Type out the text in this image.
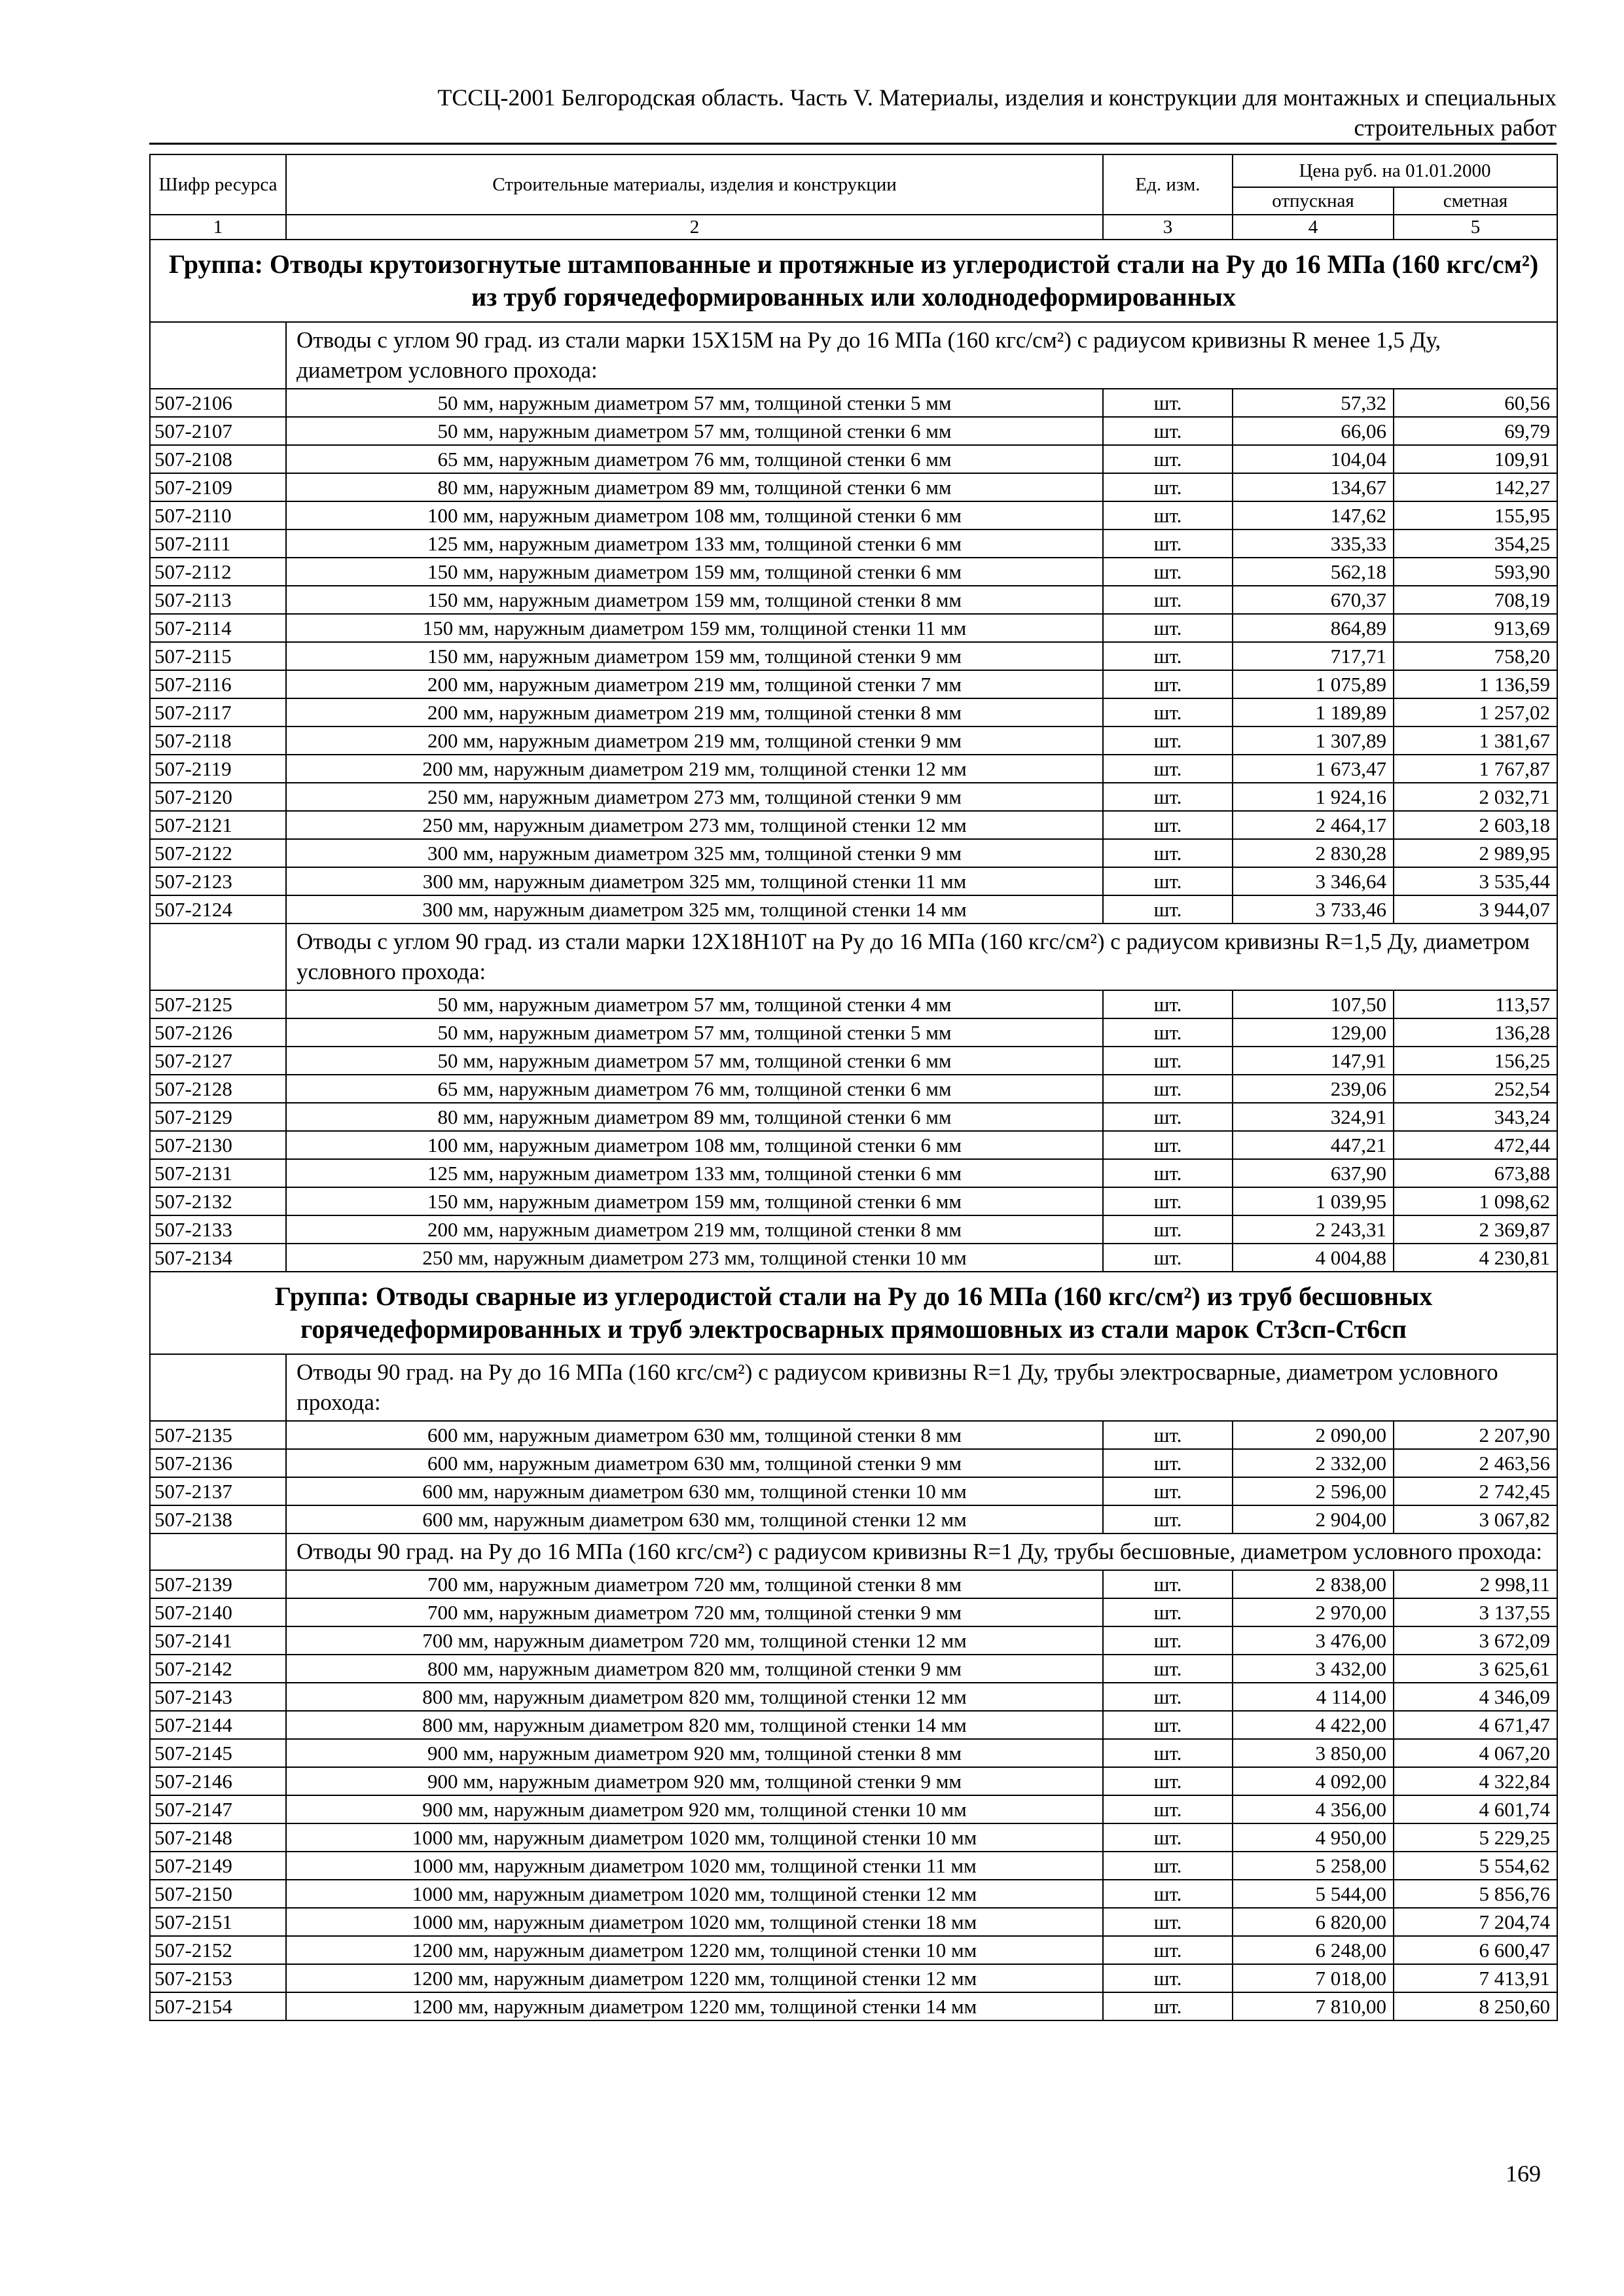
ТССЦ-2001 Белгородская область. Часть V. Материалы, изделия и конструкции для монтажных и специальных
строительных работ
Шифр ресурса	Строительные материалы, изделия и конструкции	Ед. изм.	Цена руб. на 01.01.2000	
			отпускная	сметная
1	2	3	4	5
Группа: Отводы крутоизогнутые штампованные и протяжные из углеродистой стали на Ру до 16 МПа (160 кгс/см²) из труб горячедеформированных или холоднодеформированных				
	Отводы с углом 90 град. из стали марки 15Х15М на Ру до 16 МПа (160 кгс/см²) с радиусом кривизны R менее 1,5 Ду, диаметром условного прохода:			
507-2106	50 мм, наружным диаметром 57 мм, толщиной стенки 5 мм	шт.	57,32	60,56
507-2107	50 мм, наружным диаметром 57 мм, толщиной стенки 6 мм	шт.	66,06	69,79
507-2108	65 мм, наружным диаметром 76 мм, толщиной стенки 6 мм	шт.	104,04	109,91
507-2109	80 мм, наружным диаметром 89 мм, толщиной стенки 6 мм	шт.	134,67	142,27
507-2110	100 мм, наружным диаметром 108 мм, толщиной стенки 6 мм	шт.	147,62	155,95
507-2111	125 мм, наружным диаметром 133 мм, толщиной стенки 6 мм	шт.	335,33	354,25
507-2112	150 мм, наружным диаметром 159 мм, толщиной стенки 6 мм	шт.	562,18	593,90
507-2113	150 мм, наружным диаметром 159 мм, толщиной стенки 8 мм	шт.	670,37	708,19
507-2114	150 мм, наружным диаметром 159 мм, толщиной стенки 11 мм	шт.	864,89	913,69
507-2115	150 мм, наружным диаметром 159 мм, толщиной стенки 9 мм	шт.	717,71	758,20
507-2116	200 мм, наружным диаметром 219 мм, толщиной стенки 7 мм	шт.	1 075,89	1 136,59
507-2117	200 мм, наружным диаметром 219 мм, толщиной стенки 8 мм	шт.	1 189,89	1 257,02
507-2118	200 мм, наружным диаметром 219 мм, толщиной стенки 9 мм	шт.	1 307,89	1 381,67
507-2119	200 мм, наружным диаметром 219 мм, толщиной стенки 12 мм	шт.	1 673,47	1 767,87
507-2120	250 мм, наружным диаметром 273 мм, толщиной стенки 9 мм	шт.	1 924,16	2 032,71
507-2121	250 мм, наружным диаметром 273 мм, толщиной стенки 12 мм	шт.	2 464,17	2 603,18
507-2122	300 мм, наружным диаметром 325 мм, толщиной стенки 9 мм	шт.	2 830,28	2 989,95
507-2123	300 мм, наружным диаметром 325 мм, толщиной стенки 11 мм	шт.	3 346,64	3 535,44
507-2124	300 мм, наружным диаметром 325 мм, толщиной стенки 14 мм	шт.	3 733,46	3 944,07
	Отводы с углом 90 град. из стали марки 12Х18Н10Т на Ру до 16 МПа (160 кгс/см²) с радиусом кривизны R=1,5 Ду, диаметром условного прохода:			
507-2125	50 мм, наружным диаметром 57 мм, толщиной стенки 4 мм	шт.	107,50	113,57
507-2126	50 мм, наружным диаметром 57 мм, толщиной стенки 5 мм	шт.	129,00	136,28
507-2127	50 мм, наружным диаметром 57 мм, толщиной стенки 6 мм	шт.	147,91	156,25
507-2128	65 мм, наружным диаметром 76 мм, толщиной стенки 6 мм	шт.	239,06	252,54
507-2129	80 мм, наружным диаметром 89 мм, толщиной стенки 6 мм	шт.	324,91	343,24
507-2130	100 мм, наружным диаметром 108 мм, толщиной стенки 6 мм	шт.	447,21	472,44
507-2131	125 мм, наружным диаметром 133 мм, толщиной стенки 6 мм	шт.	637,90	673,88
507-2132	150 мм, наружным диаметром 159 мм, толщиной стенки 6 мм	шт.	1 039,95	1 098,62
507-2133	200 мм, наружным диаметром 219 мм, толщиной стенки 8 мм	шт.	2 243,31	2 369,87
507-2134	250 мм, наружным диаметром 273 мм, толщиной стенки 10 мм	шт.	4 004,88	4 230,81
Группа: Отводы сварные из углеродистой стали на Ру до 16 МПа (160 кгс/см²) из труб бесшовных горячедеформированных и труб электросварных прямошовных из стали марок Ст3сп-Ст6сп				
	Отводы 90 град. на Ру до 16 МПа (160 кгс/см²) с радиусом кривизны R=1 Ду, трубы электросварные, диаметром условного прохода:			
507-2135	600 мм, наружным диаметром 630 мм, толщиной стенки 8 мм	шт.	2 090,00	2 207,90
507-2136	600 мм, наружным диаметром 630 мм, толщиной стенки 9 мм	шт.	2 332,00	2 463,56
507-2137	600 мм, наружным диаметром 630 мм, толщиной стенки 10 мм	шт.	2 596,00	2 742,45
507-2138	600 мм, наружным диаметром 630 мм, толщиной стенки 12 мм	шт.	2 904,00	3 067,82
	Отводы 90 град. на Ру до 16 МПа (160 кгс/см²) с радиусом кривизны R=1 Ду, трубы бесшовные, диаметром условного прохода:			
507-2139	700 мм, наружным диаметром 720 мм, толщиной стенки 8 мм	шт.	2 838,00	2 998,11
507-2140	700 мм, наружным диаметром 720 мм, толщиной стенки 9 мм	шт.	2 970,00	3 137,55
507-2141	700 мм, наружным диаметром 720 мм, толщиной стенки 12 мм	шт.	3 476,00	3 672,09
507-2142	800 мм, наружным диаметром 820 мм, толщиной стенки 9 мм	шт.	3 432,00	3 625,61
507-2143	800 мм, наружным диаметром 820 мм, толщиной стенки 12 мм	шт.	4 114,00	4 346,09
507-2144	800 мм, наружным диаметром 820 мм, толщиной стенки 14 мм	шт.	4 422,00	4 671,47
507-2145	900 мм, наружным диаметром 920 мм, толщиной стенки 8 мм	шт.	3 850,00	4 067,20
507-2146	900 мм, наружным диаметром 920 мм, толщиной стенки 9 мм	шт.	4 092,00	4 322,84
507-2147	900 мм, наружным диаметром 920 мм, толщиной стенки 10 мм	шт.	4 356,00	4 601,74
507-2148	1000 мм, наружным диаметром 1020 мм, толщиной стенки 10 мм	шт.	4 950,00	5 229,25
507-2149	1000 мм, наружным диаметром 1020 мм, толщиной стенки 11 мм	шт.	5 258,00	5 554,62
507-2150	1000 мм, наружным диаметром 1020 мм, толщиной стенки 12 мм	шт.	5 544,00	5 856,76
507-2151	1000 мм, наружным диаметром 1020 мм, толщиной стенки 18 мм	шт.	6 820,00	7 204,74
507-2152	1200 мм, наружным диаметром 1220 мм, толщиной стенки 10 мм	шт.	6 248,00	6 600,47
507-2153	1200 мм, наружным диаметром 1220 мм, толщиной стенки 12 мм	шт.	7 018,00	7 413,91
507-2154	1200 мм, наружным диаметром 1220 мм, толщиной стенки 14 мм	шт.	7 810,00	8 250,60
169
